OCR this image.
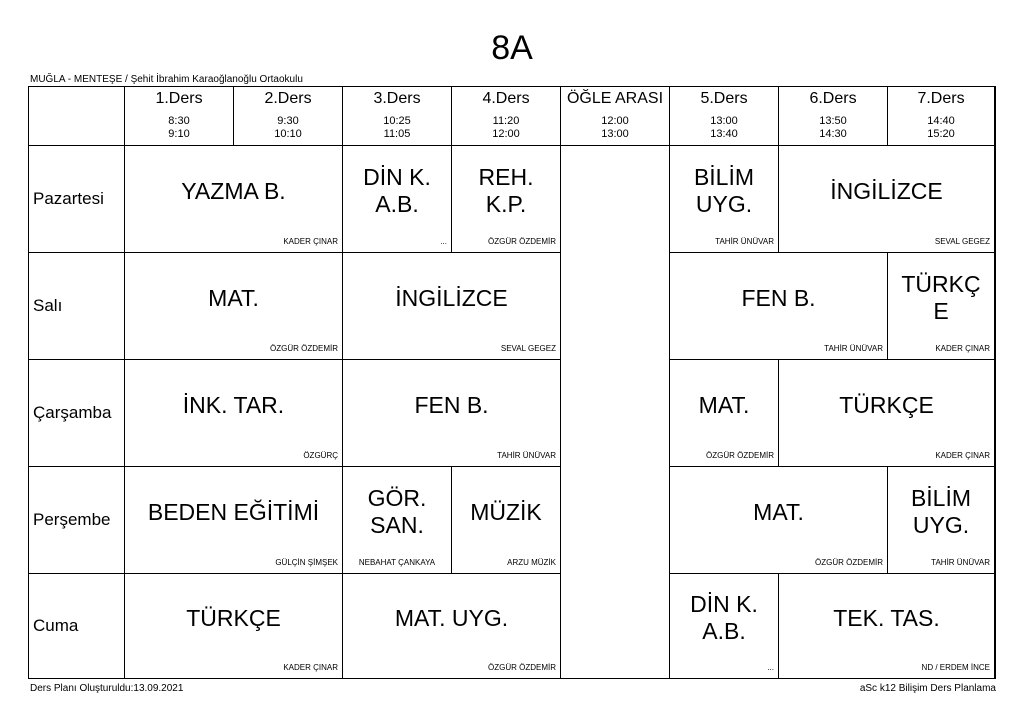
8A
MUĞLA - MENTEŞE / Şehit İbrahim Karaoğlanoğlu Ortaokulu
1.Ders
8:30
9:10
2.Ders
9:30
10:10
3.Ders
10:25
11:05
4.Ders
11:20
12:00
ÖĞLE ARASI
12:00
13:00
5.Ders
13:00
13:40
6.Ders
13:50
14:30
7.Ders
14:40
15:20
Pazartesi
Salı
Çarşamba
Perşembe
Cuma
YAZMA B.
KADER ÇINAR
DİN K.
A.B.
...
REH.
K.P.
ÖZGÜR ÖZDEMİR
BİLİM
UYG.
TAHİR ÜNÜVAR
İNGİLİZCE
SEVAL GEGEZ
MAT.
ÖZGÜR ÖZDEMİR
İNGİLİZCE
SEVAL GEGEZ
FEN B.
TAHİR ÜNÜVAR
TÜRKÇ
E
KADER ÇINAR
İNK. TAR.
ÖZGÜRÇ
FEN B.
TAHİR ÜNÜVAR
MAT.
ÖZGÜR ÖZDEMİR
TÜRKÇE
KADER ÇINAR
BEDEN EĞİTİMİ
GÜLÇİN ŞİMŞEK
GÖR.
SAN.
NEBAHAT ÇANKAYA
MÜZİK
ARZU MÜZİK
MAT.
ÖZGÜR ÖZDEMİR
BİLİM
UYG.
TAHİR ÜNÜVAR
TÜRKÇE
KADER ÇINAR
MAT. UYG.
ÖZGÜR ÖZDEMİR
DİN K.
A.B.
...
TEK. TAS.
ND / ERDEM İNCE
Ders Planı Oluşturuldu:13.09.2021	aSc k12 Bilişim Ders Planlama
